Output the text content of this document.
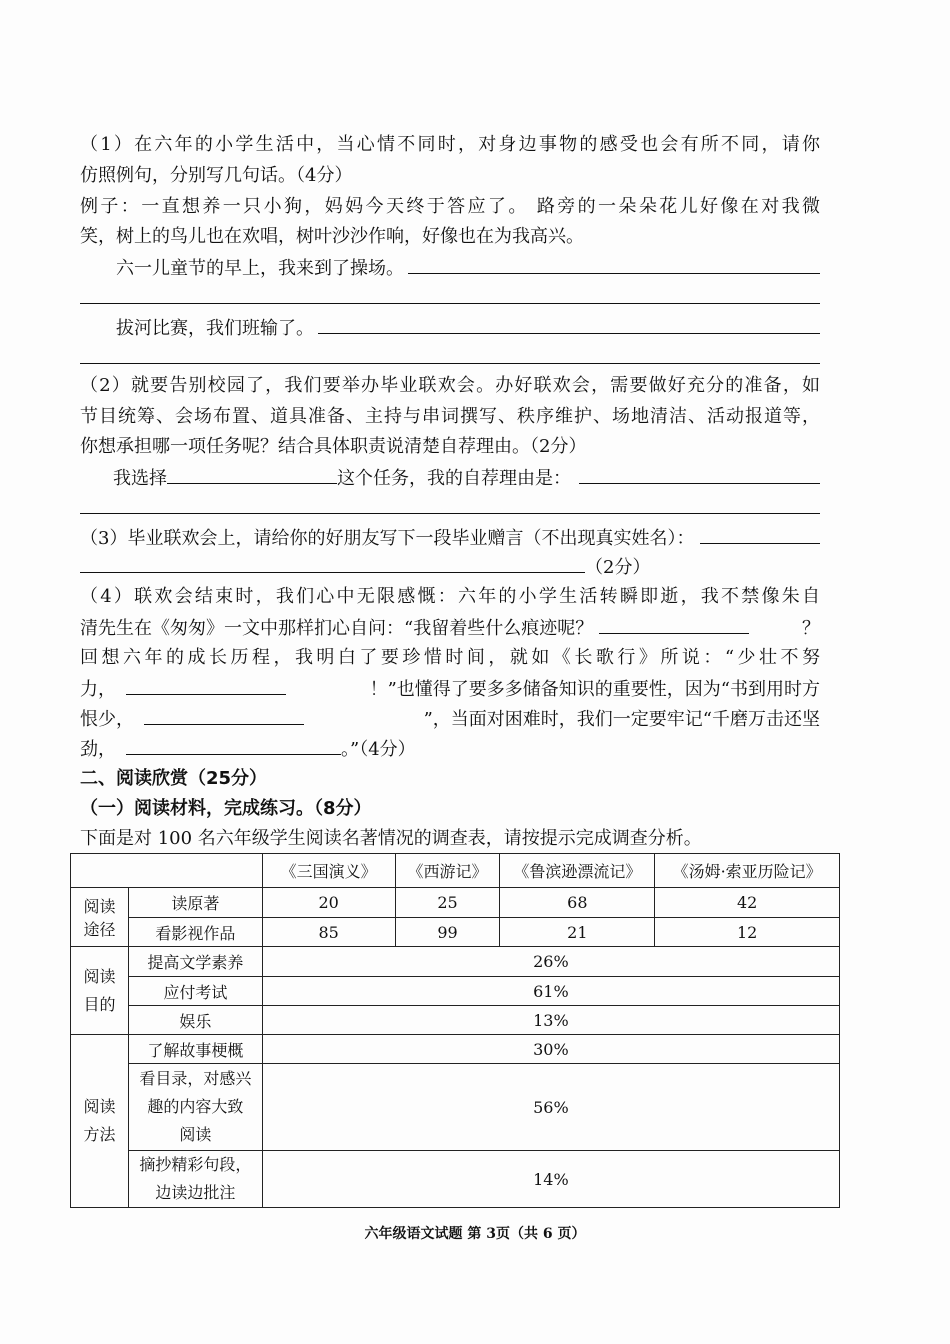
（1）在六年的小学生活中，当心情不同时，对身边事物的感受也会有所不同，请你
仿照例句，分别写几句话。（4分）
例子：一直想养一只小狗，妈妈今天终于答应了。 路旁的一朵朵花儿好像在对我微
笑，树上的鸟儿也在欢唱，树叶沙沙作响，好像也在为我高兴。
六一儿童节的早上，我来到了操场。
拔河比赛，我们班输了。
（2）就要告别校园了，我们要举办毕业联欢会。办好联欢会，需要做好充分的准备，如
节目统筹、会场布置、道具准备、主持与串词撰写、秩序维护、场地清洁、活动报道等，
你想承担哪一项任务呢？结合具体职责说清楚自荐理由。（2分）
我选择	这个任务，我的自荐理由是：
（3）毕业联欢会上，请给你的好朋友写下一段毕业赠言（不出现真实姓名）：
（2分）
（4）联欢会结束时，我们心中无限感慨：六年的小学生活转瞬即逝，我不禁像朱自
清先生在《匆匆》一文中那样扪心自问：“我留着些什么痕迹呢？	？
回想六年的成长历程，我明白了要珍惜时间，就如《长歌行》所说：“少壮不努
力，	！”也懂得了要多多储备知识的重要性，因为“书到用时方
恨少，	”，当面对困难时，我们一定要牢记“千磨万击还坚
劲，	。”（4分）
二、阅读欣赏（25分）
（一）阅读材料，完成练习。（8分）
下面是对 100 名六年级学生阅读名著情况的调查表，请按提示完成调查分析。
		《三国演义》	《西游记》	《鲁滨逊漂流记》	《汤姆·索亚历险记》
阅读
途径	读原著	20	25	68	42
	看影视作品	85	99	21	12
阅读
目的	提高文学素养	26%			
	应付考试	61%			
	娱乐	13%			
阅读
方法	了解故事梗概	30%			
	看目录，对感兴
趣的内容大致
阅读	56%			
	摘抄精彩句段，
边读边批注	14%			
六年级语文试题 第 3页（共 6 页）
